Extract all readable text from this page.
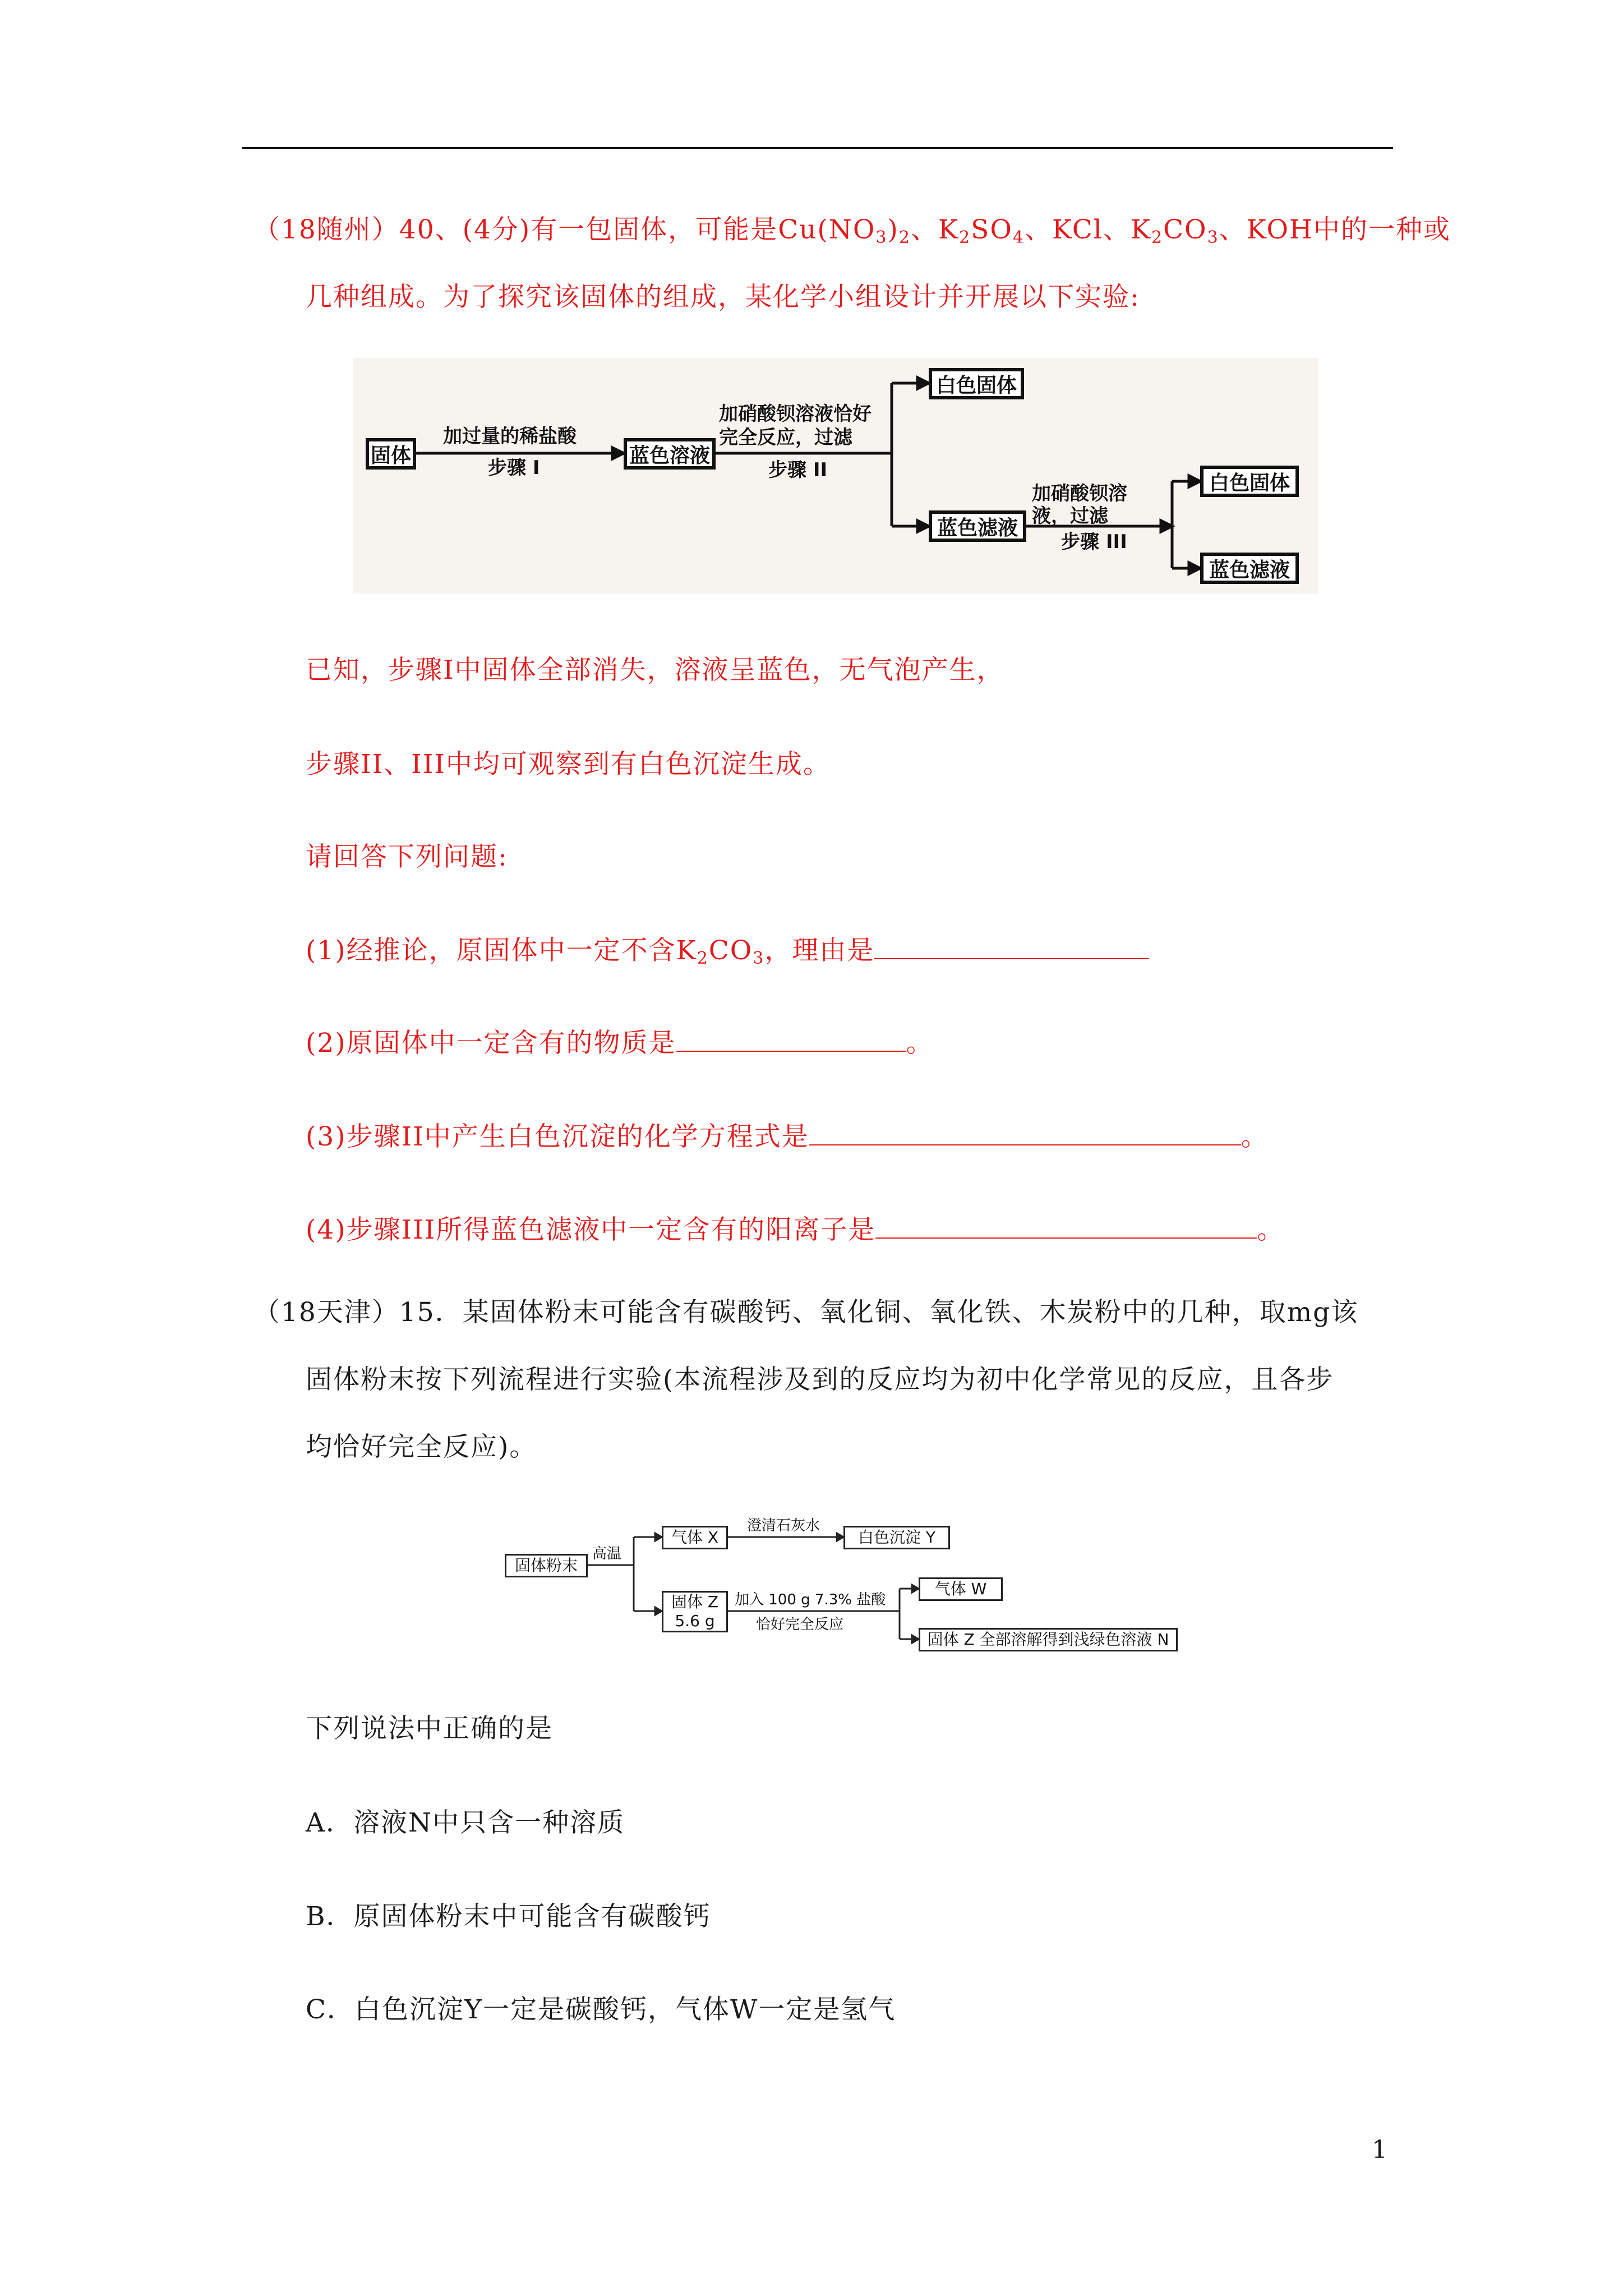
（18随州）40、(4分)有一包固体，可能是$Cu(NO_3)_2$、$K_2SO_4$、KCl、$K_2CO_3$、KOH中的一种或
几种组成。为了探究该固体的组成，某化学小组设计并开展以下实验:
固体
加过量的稀盐酸
步骤 I
蓝色溶液
加硝酸钡溶液恰好
完全反应，过滤
步骤 II
白色固体
蓝色滤液
加硝酸钡溶
液，过滤
步骤 III
白色固体
蓝色滤液
已知，步骤Ⅰ中固体全部消失，溶液呈蓝色，无气泡产生，
步骤II、III中均可观察到有白色沉淀生成。
请回答下列问题:
(1)经推论，原固体中一定不含$K_2CO_3$，理由是
(2)原固体中一定含有的物质是	。
(3)步骤II中产生白色沉淀的化学方程式是	。
(4)步骤III所得蓝色滤液中一定含有的阳离子是	。
（18天津）15．某固体粉末可能含有碳酸钙、氧化铜、氧化铁、木炭粉中的几种，取mg该
固体粉末按下列流程进行实验(本流程涉及到的反应均为初中化学常见的反应，且各步
均恰好完全反应)。
固体粉末
高温
气体 X
澄清石灰水
白色沉淀 Y
固体 Z
5.6 g
加入 100 g 7.3% 盐酸
恰好完全反应
气体 W
固体 Z 全部溶解得到浅绿色溶液 N
下列说法中正确的是
A．溶液N中只含一种溶质
B．原固体粉末中可能含有碳酸钙
C．白色沉淀Y一定是碳酸钙，气体W一定是氢气
1
